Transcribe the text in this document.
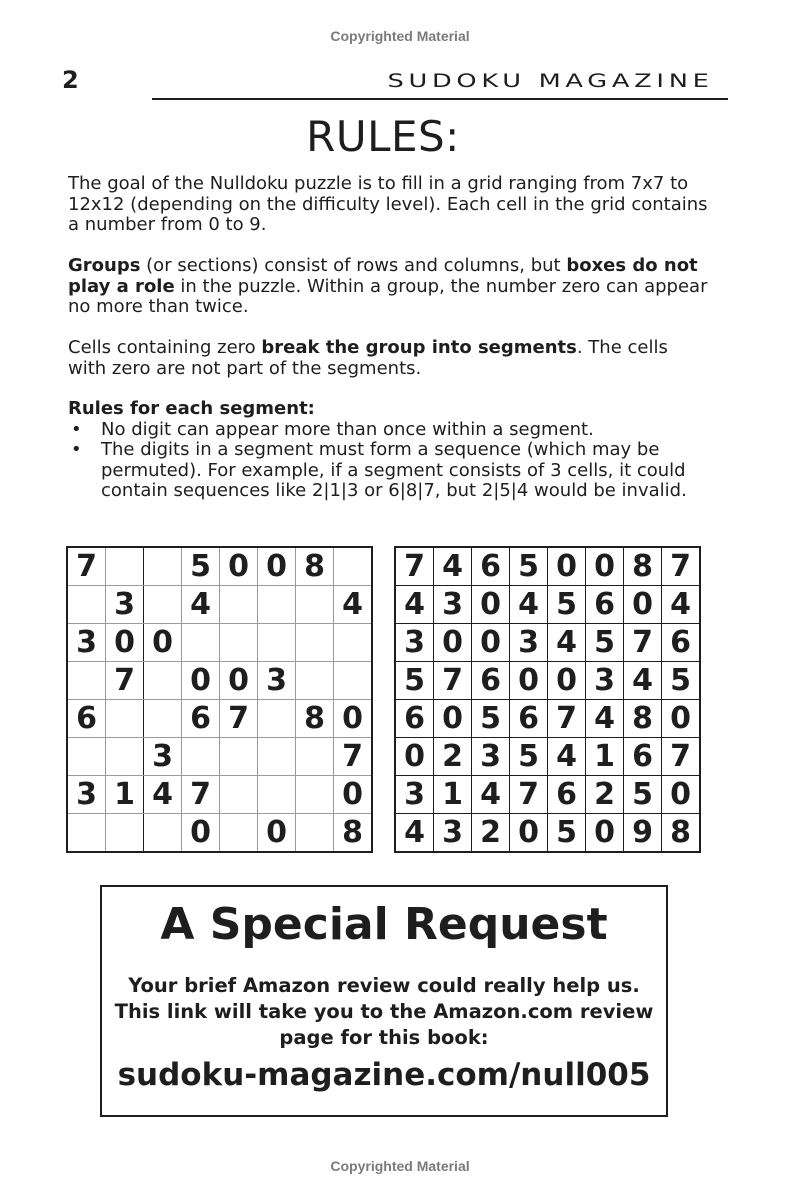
Copyrighted Material
2	SUDOKU MAGAZINE
RULES:
The goal of the Nulldoku puzzle is to fill in a grid ranging from 7x7 to 12x12 (depending on the difficulty level). Each cell in the grid contains a number from 0 to 9.
Groups (or sections) consist of rows and columns, but boxes do not play a role in the puzzle. Within a group, the number zero can appear no more than twice.
Cells containing zero break the group into segments. The cells with zero are not part of the segments.
Rules for each segment:
• No digit can appear more than once within a segment.
• The digits in a segment must form a sequence (which may be permuted). For example, if a segment consists of 3 cells, it could contain sequences like 2|1|3 or 6|8|7, but 2|5|4 would be invalid.
7			5	0	0	8	
	3		4				4
3	0	0					
	7		0	0	3		
6			6	7		8	0
		3					7
3	1	4	7				0
			0		0		8
7	4	6	5	0	0	8	7
4	3	0	4	5	6	0	4
3	0	0	3	4	5	7	6
5	7	6	0	0	3	4	5
6	0	5	6	7	4	8	0
0	2	3	5	4	1	6	7
3	1	4	7	6	2	5	0
4	3	2	0	5	0	9	8
A Special Request
Your brief Amazon review could really help us.
This link will take you to the Amazon.com review
page for this book:
sudoku-magazine.com/null005
Copyrighted Material
